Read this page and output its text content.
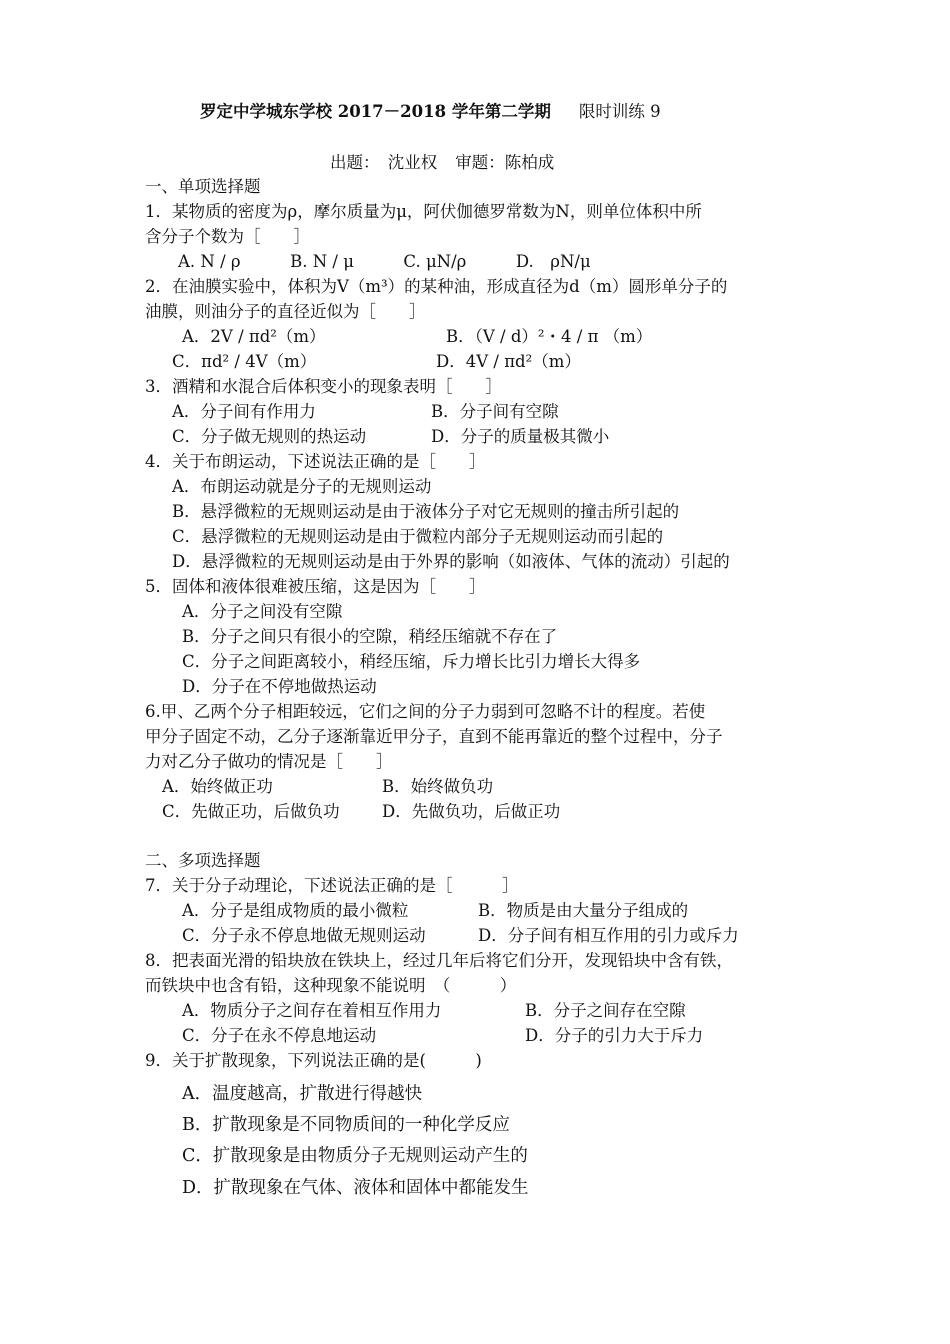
罗定中学城东学校 2017－2018 学年第二学期 限时训练 9
出题：　沈业权 审题：陈柏成
一、单项选择题
1．某物质的密度为ρ，摩尔质量为μ，阿伏伽德罗常数为N，则单位体积中所
含分子个数为［　　］
A. N / ρ　　　B. N / μ　　　C. μN/ρ　　　D.　ρN/μ
2．在油膜实验中，体积为V（m³）的某种油，形成直径为d（m）圆形单分子的
油膜，则油分子的直径近似为［　　］
A．2V / πd²（m）	B．（V / d）²・4 / π （m）
C．πd² / 4V（m）	D．4V / πd²（m）
3．酒精和水混合后体积变小的现象表明［　　］
A．分子间有作用力	B．分子间有空隙
C．分子做无规则的热运动	D．分子的质量极其微小
4．关于布朗运动，下述说法正确的是［　　］
A．布朗运动就是分子的无规则运动
B．悬浮微粒的无规则运动是由于液体分子对它无规则的撞击所引起的
C．悬浮微粒的无规则运动是由于微粒内部分子无规则运动而引起的
D．悬浮微粒的无规则运动是由于外界的影响（如液体、气体的流动）引起的
5．固体和液体很难被压缩，这是因为［　　］
A．分子之间没有空隙
B．分子之间只有很小的空隙，稍经压缩就不存在了
C．分子之间距离较小，稍经压缩，斥力增长比引力增长大得多
D．分子在不停地做热运动
6.甲、乙两个分子相距较远，它们之间的分子力弱到可忽略不计的程度。若使
甲分子固定不动，乙分子逐渐靠近甲分子，直到不能再靠近的整个过程中，分子
力对乙分子做功的情况是［　　］
A．始终做正功	B．始终做负功
C．先做正功，后做负功	D．先做负功，后做正功
二、多项选择题
7．关于分子动理论，下述说法正确的是［　　　］
A．分子是组成物质的最小微粒	B．物质是由大量分子组成的
C．分子永不停息地做无规则运动	D．分子间有相互作用的引力或斥力
8．把表面光滑的铅块放在铁块上，经过几年后将它们分开，发现铅块中含有铁，
而铁块中也含有铅，这种现象不能说明　（　　　）
A．物质分子之间存在着相互作用力	B．分子之间存在空隙
C．分子在永不停息地运动	D．分子的引力大于斥力
9．关于扩散现象，下列说法正确的是(　　　)
A．温度越高，扩散进行得越快
B．扩散现象是不同物质间的一种化学反应
C．扩散现象是由物质分子无规则运动产生的
D．扩散现象在气体、液体和固体中都能发生
